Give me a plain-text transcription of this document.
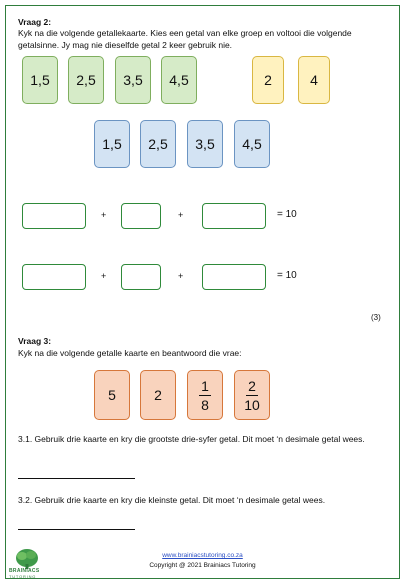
Vraag 2:
Kyk na die volgende getallekaarte. Kies een getal van elke groep en voltooi die volgende getalsinne. Jy mag nie dieselfde getal 2 keer gebruik nie.
1,5	2,5	3,5	4,5	2	4
1,5	2,5	3,5	4,5
+	+	= 10
+	+	= 10
(3)
Vraag 3:
Kyk na die volgende getalle kaarte en beantwoord die vrae:
5	2	$\frac{1}{8} \frac{2}{10}$
3.1. Gebruik drie kaarte en kry die grootste drie-syfer getal. Dit moet ‘n desimale getal wees.
3.2. Gebruik drie kaarte en kry die kleinste getal. Dit moet ‘n desimale getal wees.
www.brainiacstutoring.co.za
Copyright @ 2021 Brainiacs Tutoring
BRAINIACS
TUTORING
